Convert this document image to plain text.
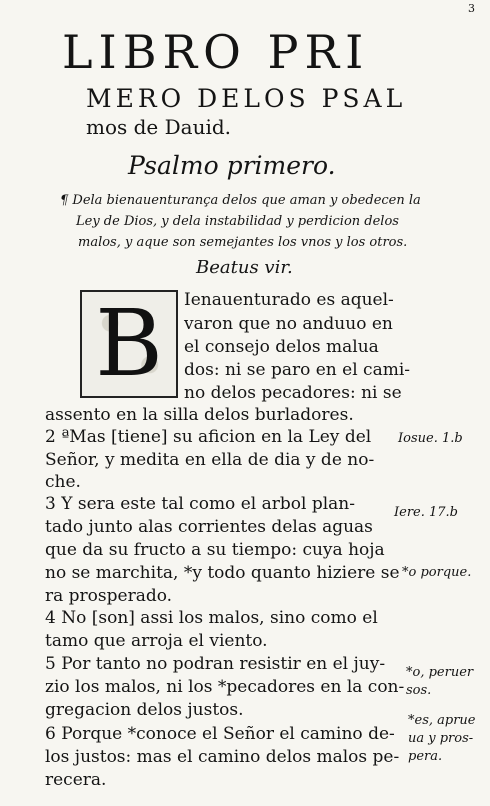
3
LIBRO PRI
MERO DELOS PSAL
mos de Dauid.
Psalmo primero.
¶ Dela bienauenturança delos que aman y obedecen la
Ley de Dios, y dela instabilidad y perdicion delos
malos, y aque son semejantes los vnos y los otros.
Beatus vir.
B	Ienauenturado es aquel-
varon que no anduuo en
el consejo delos malua
dos: ni se paro en el cami-
no delos pecadores: ni se
assento en la silla delos burladores.
2 ªMas [tiene] su aficion en la Ley del
Señor, y medita en ella de dia y de no-
che.
3 Y sera este tal como el arbol plan-
tado junto alas corrientes delas aguas
que da su fructo a su tiempo: cuya hoja
no se marchita, *y todo quanto hiziere se
ra prosperado.
4 No [son] assi los malos, sino como el
tamo que arroja el viento.
5 Por tanto no podran resistir en el juy-
zio los malos, ni los *pecadores en la con-
gregacion delos justos.
6 Porque *conoce el Señor el camino de-
los justos: mas el camino delos malos pe-
recera.
Iosue. 1.b
Iere. 17.b
*o porque.
*o, peruer
sos.
*es, aprue
ua y pros-
pera.
